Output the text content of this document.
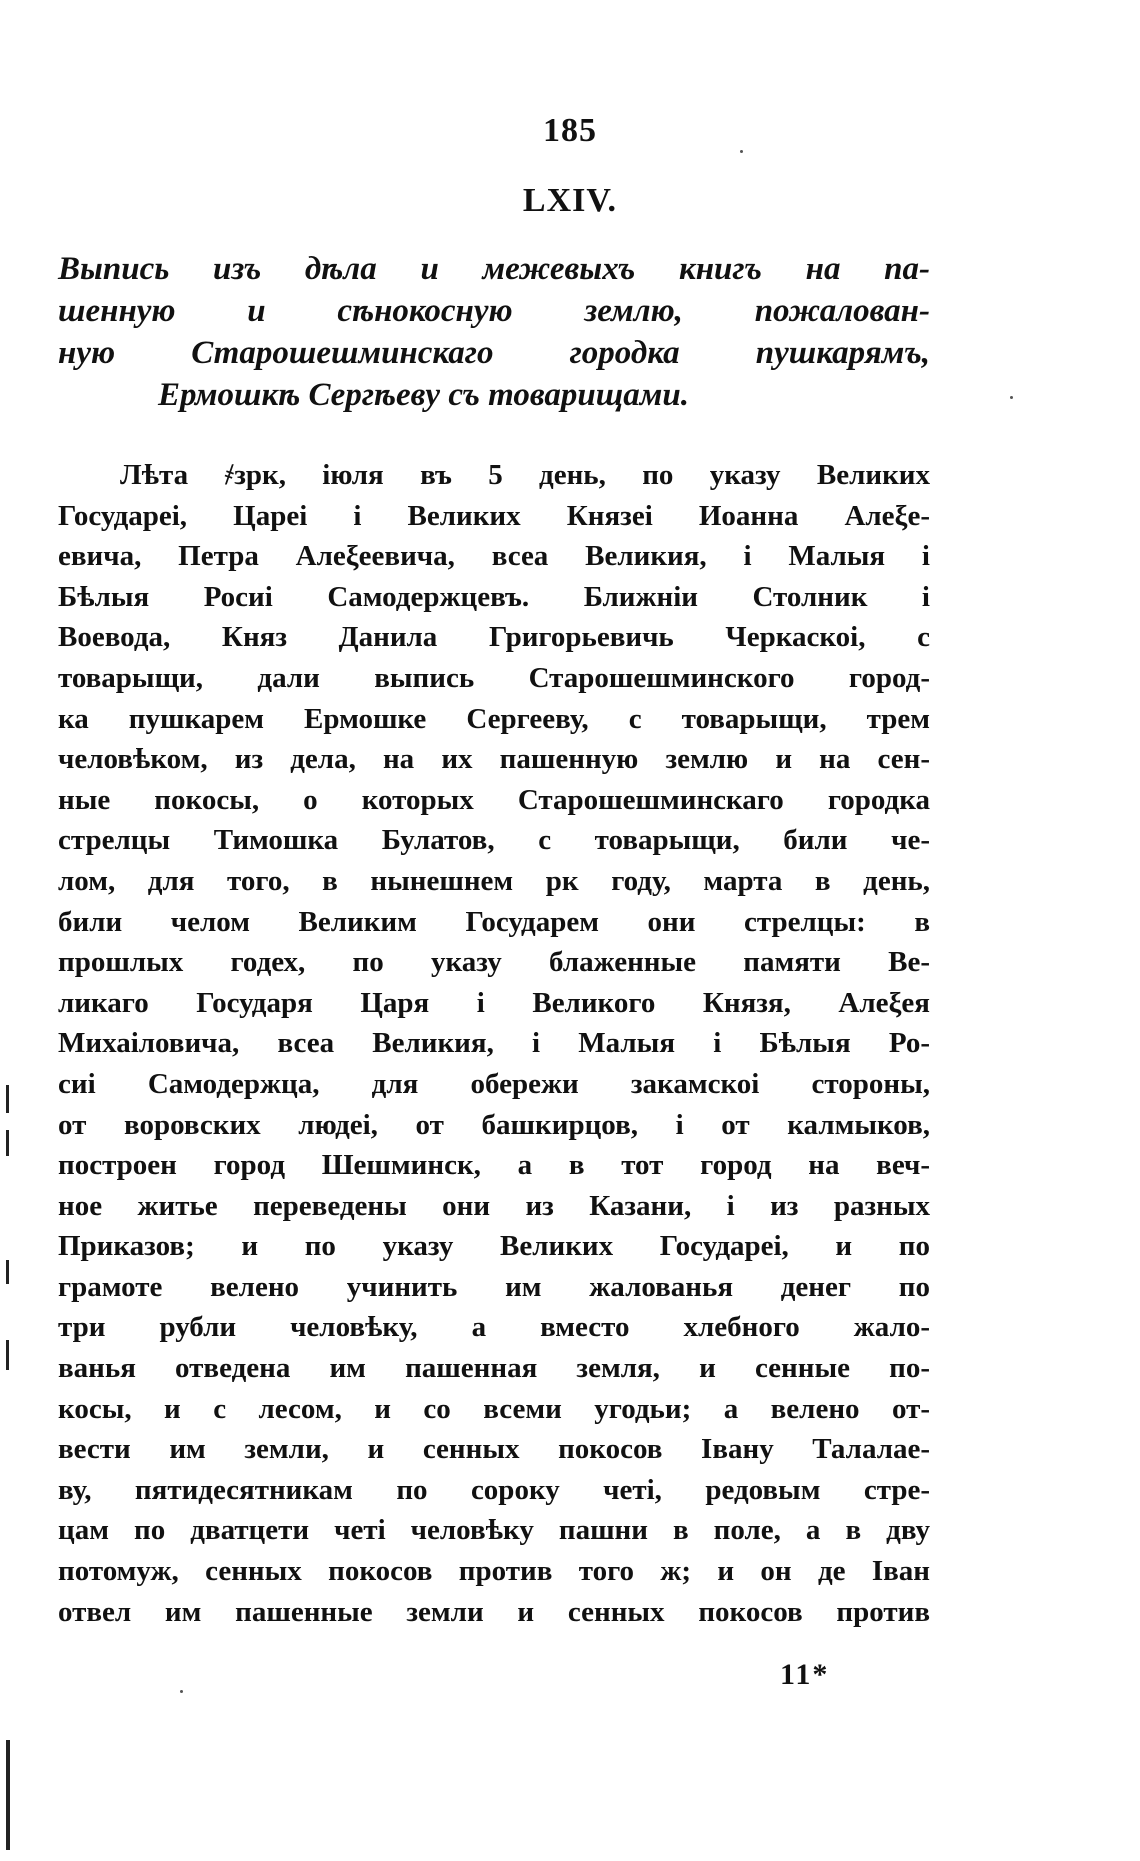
185
LXIV.
Выпись изъ дѣла и межевыхъ книгъ на па-
шенную и сѣнокосную землю, пожалован-
ную Старошешминскаго городка пушкарямъ,
Ермошкѣ Сергѣеву съ товарищами.
Лѣта ҂зрк, iюля въ 5 день, по указу Великих
Государеi, Цареi i Великих Князеi Иоанна Алеξе-
евича, Петра Алеξеевича, всеа Великия, i Малыя i
Бѣлыя Росиi Самодержцевъ. Ближнiи Столник i
Воевода, Княз Данила Григорьевичь Черкаскоi, с
товарыщи, дали выпись Старошешминского город-
ка пушкарем Ермошке Сергееву, с товарыщи, трем
человѣком, из дела, на их пашенную землю и на сен-
ные покосы, о которых Старошешминскаго городка
стрелцы Тимошка Булатов, с товарыщи, били че-
лом, для того, в нынешнем рк году, марта в день,
били челом Великим Государем они стрелцы: в
прошлых годех, по указу блаженные памяти Ве-
ликаго Государя Царя i Великого Князя, Алеξея
Михаiловича, всеа Великия, i Малыя i Бѣлыя Ро-
сиi Самодержца, для обережи закамскоi стороны,
от воровских людеi, от башкирцов, i от калмыков,
построен город Шешминск, а в тот город на веч-
ное житье переведены они из Казани, i из разных
Приказов; и по указу Великих Государеi, и по
грамоте велено учинить им жалованья денег по
три рубли человѣку, а вместо хлебного жало-
ванья отведена им пашенная земля, и сенные по-
косы, и с лесом, и со всеми угодьи; а велено от-
вести им земли, и сенных покосов Iвану Талалае-
ву, пятидесятникам по сороку четi, редовым стре-
цам по дватцети четi человѣку пашни в поле, а в дву
потомуж, сенных покосов против того ж; и он де Iван
отвел им пашенные земли и сенных покосов против
11*
